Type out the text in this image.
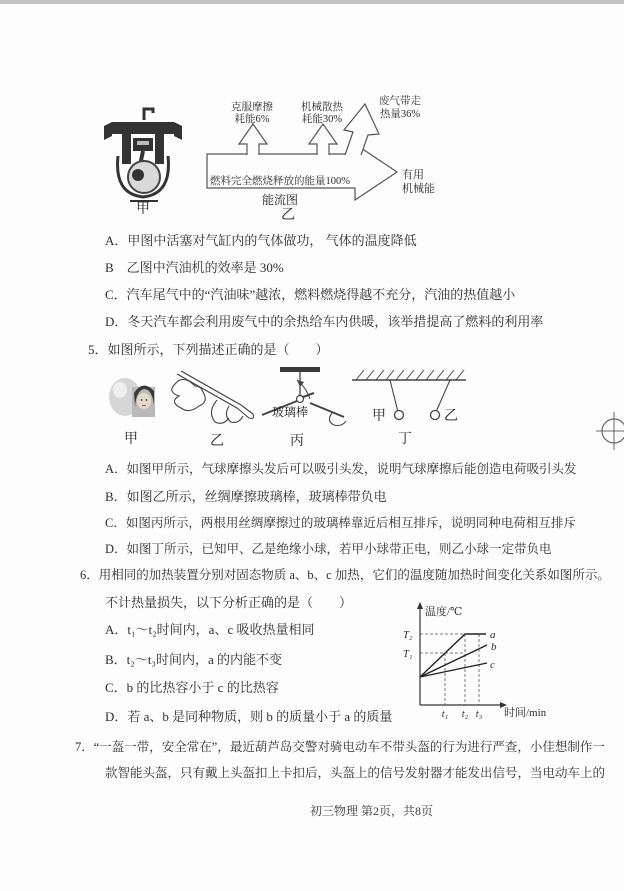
甲
克服摩擦
耗能6%
机械散热
耗能30%
废气带走
热量36%
燃料完全燃烧释放的能量100%
有用
机械能
能流图
乙
A．甲图中活塞对气缸内的气体做功， 气体的温度降低
B　乙图中汽油机的效率是 30%
C．汽车尾气中的“汽油味”越浓，燃料燃烧得越不充分，汽油的热值越小
D．冬天汽车都会利用废气中的余热给车内供暖，该举措提高了燃料的利用率
5．如图所示，下列描述正确的是（　　）
玻璃棒	甲	乙
甲	乙	丙	丁
A．如图甲所示，气球摩擦头发后可以吸引头发，说明气球摩擦后能创造电荷吸引头发
B．如图乙所示，丝绸摩擦玻璃棒，玻璃棒带负电
C．如图丙所示，两根用丝绸摩擦过的玻璃棒靠近后相互排斥，说明同种电荷相互排斥
D．如图丁所示，已知甲、乙是绝缘小球，若甲小球带正电，则乙小球一定带负电
6．用相同的加热装置分别对固态物质 a、b、c 加热，它们的温度随加热时间变化关系如图所示。
不计热量损失，以下分析正确的是（　　）
A．t₁～t₂时间内，a、c 吸收热量相同
B．t₂～t₃时间内，a 的内能不变
C．b 的比热容小于 c 的比热容
D．若 a、b 是同种物质，则 b 的质量小于 a 的质量
温度/℃
时间/min
a
b
c
T₂
T₁
t₁ t₂ t₃
7．“一盔一带，安全常在”，最近葫芦岛交警对骑电动车不带头盔的行为进行严查，小佳想制作一
款智能头盔，只有戴上头盔扣上卡扣后，头盔上的信号发射器才能发出信号，当电动车上的
初三物理 第2页，共8页
